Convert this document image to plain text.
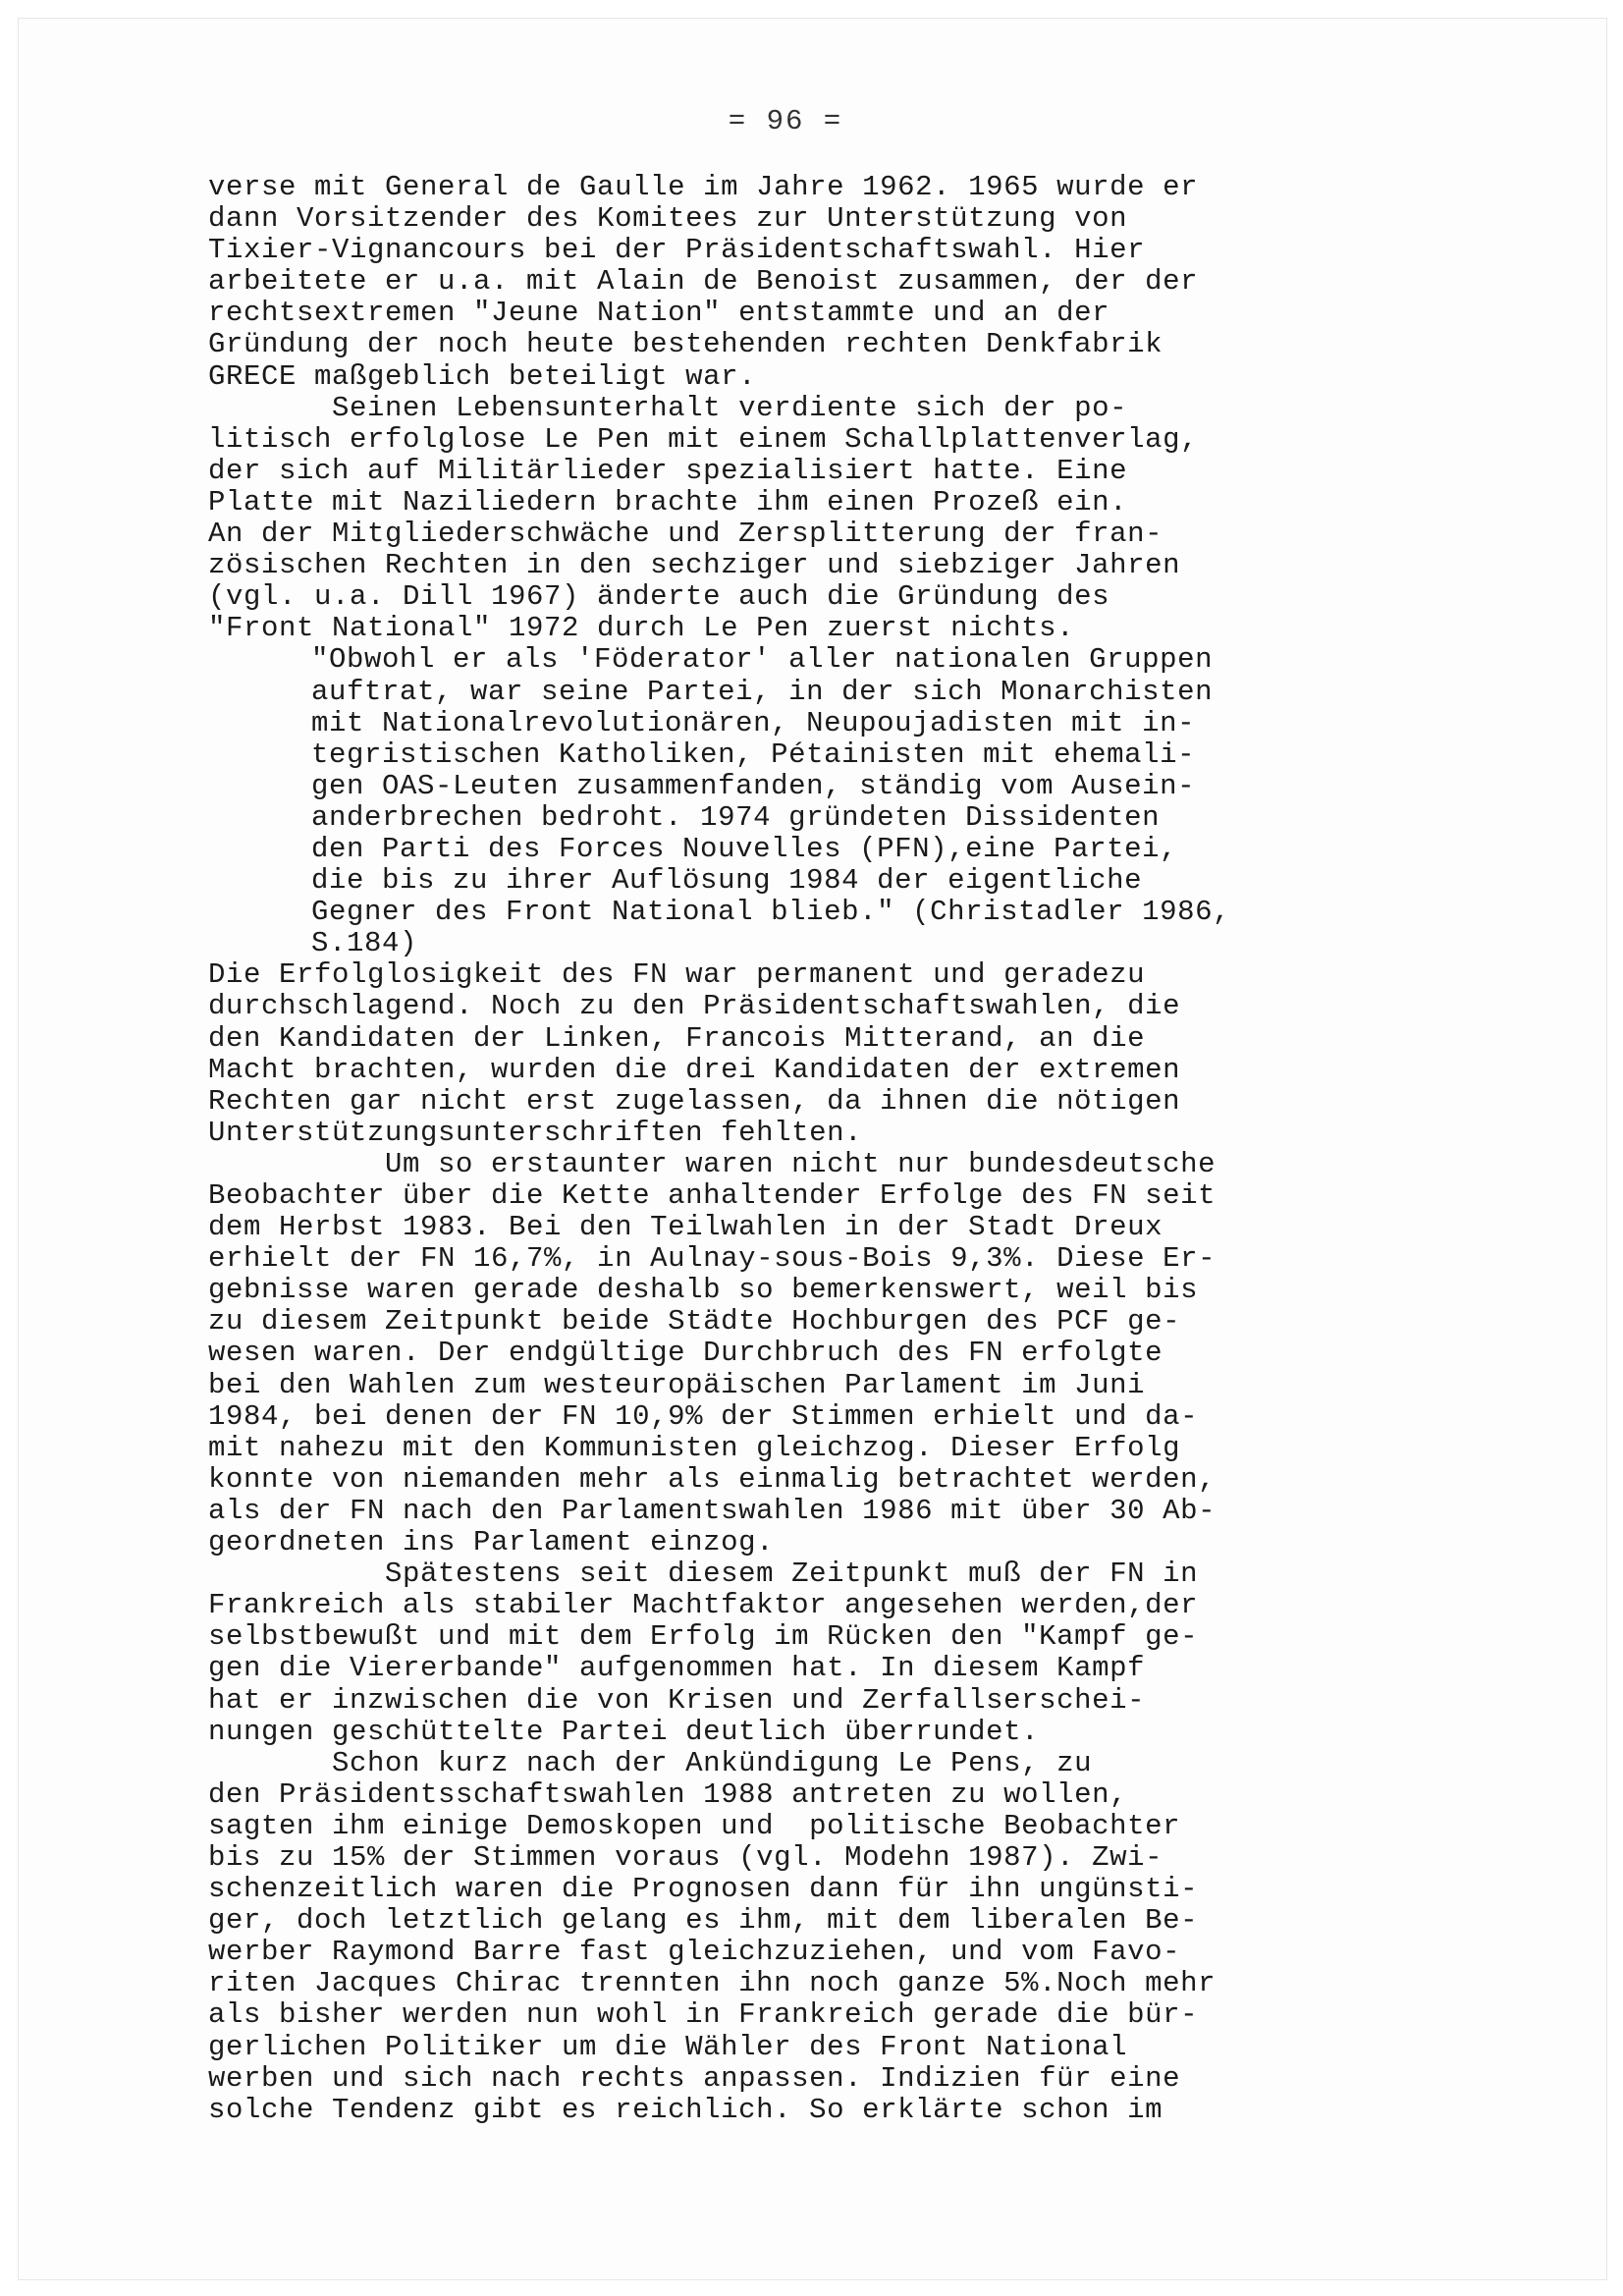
= 96 =
verse mit General de Gaulle im Jahre 1962. 1965 wurde er
dann Vorsitzender des Komitees zur Unterstützung von
Tixier-Vignancours bei der Präsidentschaftswahl. Hier
arbeitete er u.a. mit Alain de Benoist zusammen, der der
rechtsextremen "Jeune Nation" entstammte und an der
Gründung der noch heute bestehenden rechten Denkfabrik
GRECE maßgeblich beteiligt war.
Seinen Lebensunterhalt verdiente sich der po-
litisch erfolglose Le Pen mit einem Schallplattenverlag,
der sich auf Militärlieder spezialisiert hatte. Eine
Platte mit Naziliedern brachte ihm einen Prozeß ein.
An der Mitgliederschwäche und Zersplitterung der fran-
zösischen Rechten in den sechziger und siebziger Jahren
(vgl. u.a. Dill 1967) änderte auch die Gründung des
"Front National" 1972 durch Le Pen zuerst nichts.
"Obwohl er als 'Föderator' aller nationalen Gruppen
auftrat, war seine Partei, in der sich Monarchisten
mit Nationalrevolutionären, Neupoujadisten mit in-
tegristischen Katholiken, Pétainisten mit ehemali-
gen OAS-Leuten zusammenfanden, ständig vom Ausein-
anderbrechen bedroht. 1974 gründeten Dissidenten
den Parti des Forces Nouvelles (PFN),eine Partei,
die bis zu ihrer Auflösung 1984 der eigentliche
Gegner des Front National blieb." (Christadler 1986,
S.184)
Die Erfolglosigkeit des FN war permanent und geradezu
durchschlagend. Noch zu den Präsidentschaftswahlen, die
den Kandidaten der Linken, Francois Mitterand, an die
Macht brachten, wurden die drei Kandidaten der extremen
Rechten gar nicht erst zugelassen, da ihnen die nötigen
Unterstützungsunterschriften fehlten.
Um so erstaunter waren nicht nur bundesdeutsche
Beobachter über die Kette anhaltender Erfolge des FN seit
dem Herbst 1983. Bei den Teilwahlen in der Stadt Dreux
erhielt der FN 16,7%, in Aulnay-sous-Bois 9,3%. Diese Er-
gebnisse waren gerade deshalb so bemerkenswert, weil bis
zu diesem Zeitpunkt beide Städte Hochburgen des PCF ge-
wesen waren. Der endgültige Durchbruch des FN erfolgte
bei den Wahlen zum westeuropäischen Parlament im Juni
1984, bei denen der FN 10,9% der Stimmen erhielt und da-
mit nahezu mit den Kommunisten gleichzog. Dieser Erfolg
konnte von niemanden mehr als einmalig betrachtet werden,
als der FN nach den Parlamentswahlen 1986 mit über 30 Ab-
geordneten ins Parlament einzog.
Spätestens seit diesem Zeitpunkt muß der FN in
Frankreich als stabiler Machtfaktor angesehen werden,der
selbstbewußt und mit dem Erfolg im Rücken den "Kampf ge-
gen die Viererbande" aufgenommen hat. In diesem Kampf
hat er inzwischen die von Krisen und Zerfallserschei-
nungen geschüttelte Partei deutlich überrundet.
Schon kurz nach der Ankündigung Le Pens, zu
den Präsidentsschaftswahlen 1988 antreten zu wollen,
sagten ihm einige Demoskopen und  politische Beobachter
bis zu 15% der Stimmen voraus (vgl. Modehn 1987). Zwi-
schenzeitlich waren die Prognosen dann für ihn ungünsti-
ger, doch letztlich gelang es ihm, mit dem liberalen Be-
werber Raymond Barre fast gleichzuziehen, und vom Favo-
riten Jacques Chirac trennten ihn noch ganze 5%.Noch mehr
als bisher werden nun wohl in Frankreich gerade die bür-
gerlichen Politiker um die Wähler des Front National
werben und sich nach rechts anpassen. Indizien für eine
solche Tendenz gibt es reichlich. So erklärte schon im
